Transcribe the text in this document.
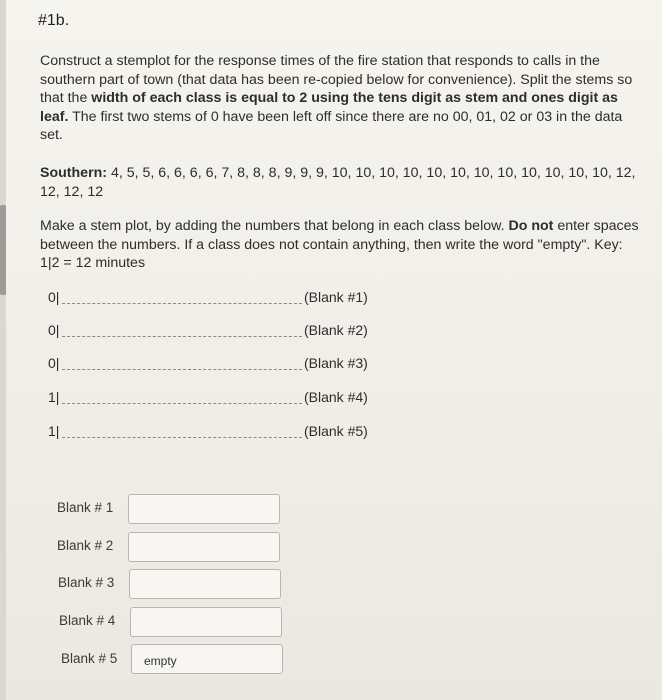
#1b.
Construct a stemplot for the response times of the fire station that responds to calls in the southern part of town (that data has been re-copied below for convenience). Split the stems so that the width of each class is equal to 2 using the tens digit as stem and ones digit as leaf. The first two stems of 0 have been left off since there are no 00, 01, 02 or 03 in the data set.
Southern: 4, 5, 5, 6, 6, 6, 6, 7, 8, 8, 8, 9, 9, 9, 10, 10, 10, 10, 10, 10, 10, 10, 10, 10, 10, 10, 12, 12, 12, 12
Make a stem plot, by adding the numbers that belong in each class below. Do not enter spaces between the numbers. If a class does not contain anything, then write the word "empty". Key: 1|2 = 12 minutes
0|	(Blank #1)
0|	(Blank #2)
0|	(Blank #3)
1|	(Blank #4)
1|	(Blank #5)
Blank # 1
Blank # 2
Blank # 3
Blank # 4
Blank # 5
empty
